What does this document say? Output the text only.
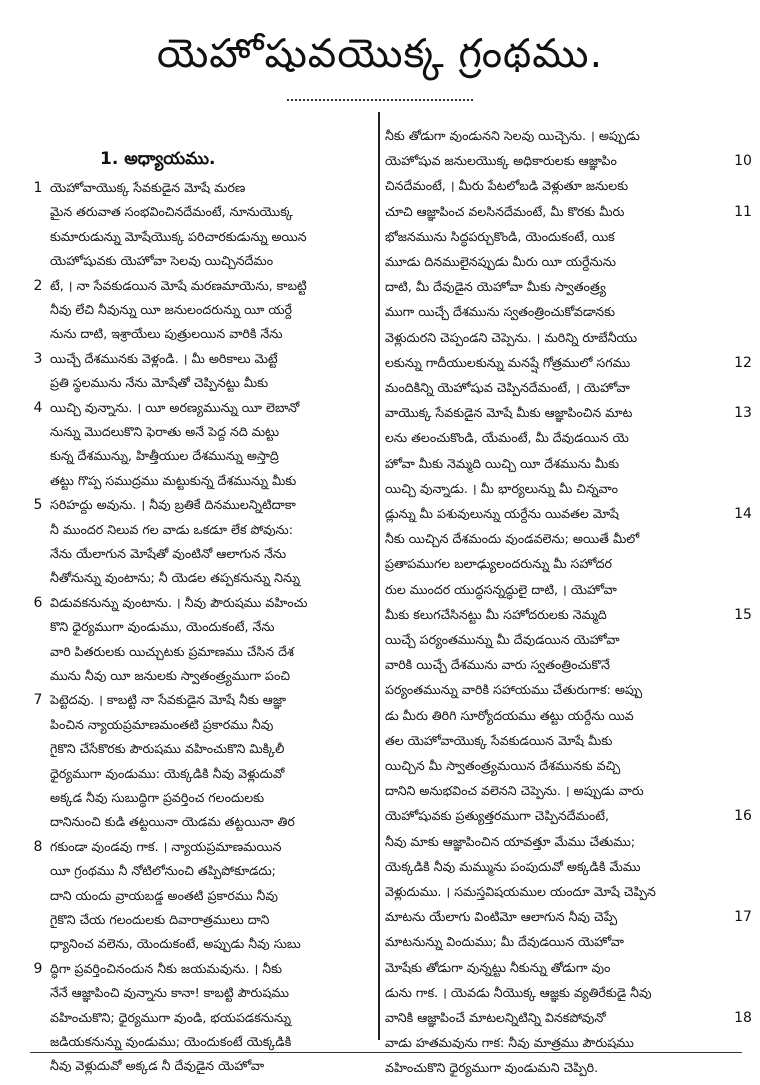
యెహోషువయొక్క గ్రంథము.
1. అధ్యాయము.
1 యెహోవాయొక్క సేవకుడైన మోషే మరణ
మైన తరువాత సంభవించినదేమంటే, నూనుయొక్క
కుమారుడున్ను మోషేయొక్క పరిచారకుడున్ను అయిన
యెహోషువకు యెహోవా సెలవు యిచ్చినదేమం
2 టే, । నా సేవకుడయిన మోషే మరణమాయెను, కాబట్టి
నీవు లేచి నీవున్ను యీ జనులందరున్ను యీ యర్దే
నును దాటి, ఇశ్రాయేలు పుత్రులయిన వారికి నేను
3 యిచ్చే దేశమునకు వెళ్లండి. । మీ అరికాలు మెట్టే
ప్రతి స్థలమును నేను మోషేతో చెప్పినట్టు మీకు
4 యిచ్చి వున్నాను. । యీ అరణ్యమున్ను యీ లెబానో
నున్ను మొదలుకొని ఫెరాతు అనే పెద్ద నది మట్టు
కున్న దేశమున్ను, హిత్తీయుల దేశమున్ను అస్తాద్రి
తట్టు గొప్ప సముద్రము మట్టుకున్న దేశమున్ను మీకు
5 సరిహద్దు అవును. । నీవు బ్రతికే దినములన్నిటిదాకా
నీ ముందర నిలువ గల వాడు ఒకడూ లేక పోవును:
నేను యేలాగున మోషేతో వుంటినో ఆలాగున నేను
నీతోనున్ను వుంటాను; నీ యెడల తప్పకనున్ను నిన్ను
6 విడువకనున్ను వుంటాను. । నీవు పౌరుషము వహించు
కొని ధైర్యముగా వుండుము, యెందుకంటే, నేను
వారి పితరులకు యిచ్చుటకు ప్రమాణము చేసిన దేశ
మును నీవు యీ జనులకు స్వాతంత్ర్యముగా పంచి
7 పెట్టెదవు. । కాబట్టి నా సేవకుడైన మోషే నీకు ఆజ్ఞా
పించిన న్యాయప్రమాణమంతటి ప్రకారము నీవు
గైకొని చేసేకొరకు పౌరుషము వహించుకొని మిక్కిలీ
ధైర్యముగా వుండుము: యెక్కడికి నీవు వెళ్లుదువో
అక్కడ నీవు సుబుద్ధిగా ప్రవర్తించ గలందులకు
దానినుంచి కుడి తట్టయినా యెడమ తట్టయినా తిర
8 గకుండా వుండవు గాక. । న్యాయప్రమాణమయిన
యీ గ్రంథము నీ నోటిలోనుంచి తప్పిపోకూడదు;
దాని యందు వ్రాయబడ్డ అంతటి ప్రకారము నీవు
గైకొని చేయ గలందులకు దివారాత్రములు దాని
ధ్యానించ వలెను, యెందుకంటే, అప్పుడు నీవు సుబు
9 ద్ధిగా ప్రవర్తించినందున నీకు జయమవును. । నీకు
నేనే ఆజ్ఞాపించి వున్నాను కానా! కాబట్టి పౌరుషము
వహించుకొని; ధైర్యముగా వుండి, భయపడకనున్ను
జడియకనున్ను వుండుము; యెందుకంటే యెక్కడికి
నీవు వెళ్లుదువో అక్కడ నీ దేవుడైన యెహోవా
నీకు తోడుగా వుండునని సెలవు యిచ్చెను. । అప్పుడు
10
యెహోషువ జనులయొక్క అధికారులకు ఆజ్ఞాపిం
చినదేమంటే, । మీరు పేటలోబడి వెళ్లుతూ జనులకు
11
చూచి ఆజ్ఞాపించ వలసినదేమంటే, మీ కొరకు మీరు
భోజనమును సిద్ధపర్చుకొండి, యెందుకంటే, యిక
మూడు దినములైనప్పుడు మీరు యీ యర్దేనును
దాటి, మీ దేవుడైన యెహోవా మీకు స్వాతంత్ర్య
ముగా యిచ్చే దేశమును స్వతంత్రించుకోవడానకు
వెళ్లుదురని చెప్పండని చెప్పెను. । మరిన్ని రూబేనీయు
12
లకున్ను గాదీయులకున్ను మనష్షే గోత్రములో సగము
మందికిన్ని యెహోషువ చెప్పినదేమంటే, । యెహోవా
13
వాయొక్క సేవకుడైన మోషే మీకు ఆజ్ఞాపించిన మాట
లను తలంచుకొండి, యేమంటే, మీ దేవుడయిన యె
హోవా మీకు నెమ్మది యిచ్చి యీ దేశమును మీకు
యిచ్చి వున్నాడు. । మీ భార్యలున్ను మీ చిన్నవాం
14
డ్లున్ను మీ పశువులున్ను యర్దేను యివతల మోషే
నీకు యిచ్చిన దేశమందు వుండవలెను; అయితే మీలో
ప్రతాపముగల బలాఢ్యులందరున్ను మీ సహోదర
రుల ముందర యుద్ధసన్నద్ధులై దాటి, । యెహోవా
15
మీకు కలుగచేసినట్టు మీ సహోదరులకు నెమ్మది
యిచ్చే పర్యంతమున్ను మీ దేవుడయిన యెహోవా
వారికి యిచ్చే దేశమును వారు స్వతంత్రించుకొనే
పర్యంతమున్ను వారికి సహాయము చేతురుగాక: అప్పు
డు మీరు తిరిగి సూర్యోదయము తట్టు యర్దేను యివ
తల యెహోవాయొక్క సేవకుడయిన మోషే మీకు
యిచ్చిన మీ స్వాతంత్ర్యమయిన దేశమునకు వచ్చి
దానిని అనుభవించ వలెనని చెప్పెను. । అప్పుడు వారు
16
యెహోషువకు ప్రత్యుత్తరముగా చెప్పినదేమంటే,
నీవు మాకు ఆజ్ఞాపించిన యావత్తూ మేము చేతుము;
యెక్కడికి నీవు మమ్మును పంపుదువో అక్కడికి మేము
వెళ్లుదుము. । సమస్తవిషయముల యందూ మోషే చెప్పిన
17
మాటను యేలాగు వింటిమో ఆలాగున నీవు చెప్పే
మాటనున్ను విందుము; మీ దేవుడయిన యెహోవా
మోషేకు తోడుగా వున్నట్టు నీకున్ను తోడుగా వుం
డును గాక. । యెవడు నీయొక్క ఆజ్ఞకు వ్యతిరేకుడై నీవు
18
వానికి ఆజ్ఞాపించే మాటలన్నిటిన్ని వినకపోవునో
వాడు హతమవును గాక: నీవు మాత్రము పౌరుషము
వహించుకొని ధైర్యముగా వుండుమని చెప్పిరి.
